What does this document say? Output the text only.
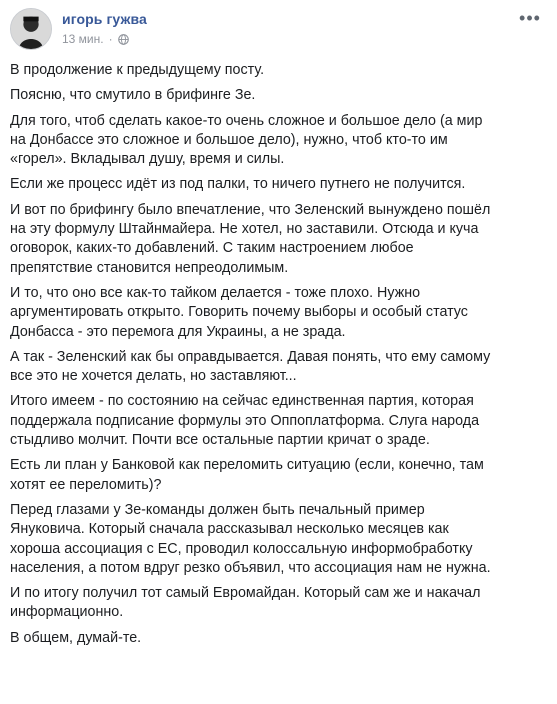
игорь гужва
13 мин. ·
•••

В продолжение к предыдущему посту.

Поясню, что смутило в брифинге Зе.

Для того, чтоб сделать какое-то очень сложное и большое дело (а мир
на Донбассе это сложное и большое дело), нужно, чтоб кто-то им
«горел». Вкладывал душу, время и силы.

Если же процесс идёт из под палки, то ничего путнего не получится.

И вот по брифингу было впечатление, что Зеленский вынуждено пошёл
на эту формулу Штайнмайера. Не хотел, но заставили. Отсюда и куча
оговорок, каких-то добавлений. С таким настроением любое
препятствие становится непреодолимым.

И то, что оно все как-то тайком делается - тоже плохо. Нужно
аргументировать открыто. Говорить почему выборы и особый статус
Донбасса - это перемога для Украины, а не зрада.

А так - Зеленский как бы оправдывается. Давая понять, что ему самому
все это не хочется делать, но заставляют...

Итого имеем - по состоянию на сейчас единственная партия, которая
поддержала подписание формулы это Оппоплатформа. Слуга народа
стыдливо молчит. Почти все остальные партии кричат о зраде.

Есть ли план у Банковой как переломить ситуацию (если, конечно, там
хотят ее переломить)?

Перед глазами у Зе-команды должен быть печальный пример
Януковича. Который сначала рассказывал несколько месяцев как
хороша ассоциация с ЕС, проводил колоссальную информобработку
населения, а потом вдруг резко объявил, что ассоциация нам не нужна.

И по итогу получил тот самый Евромайдан. Который сам же и накачал
информационно.

В общем, думай-те.
